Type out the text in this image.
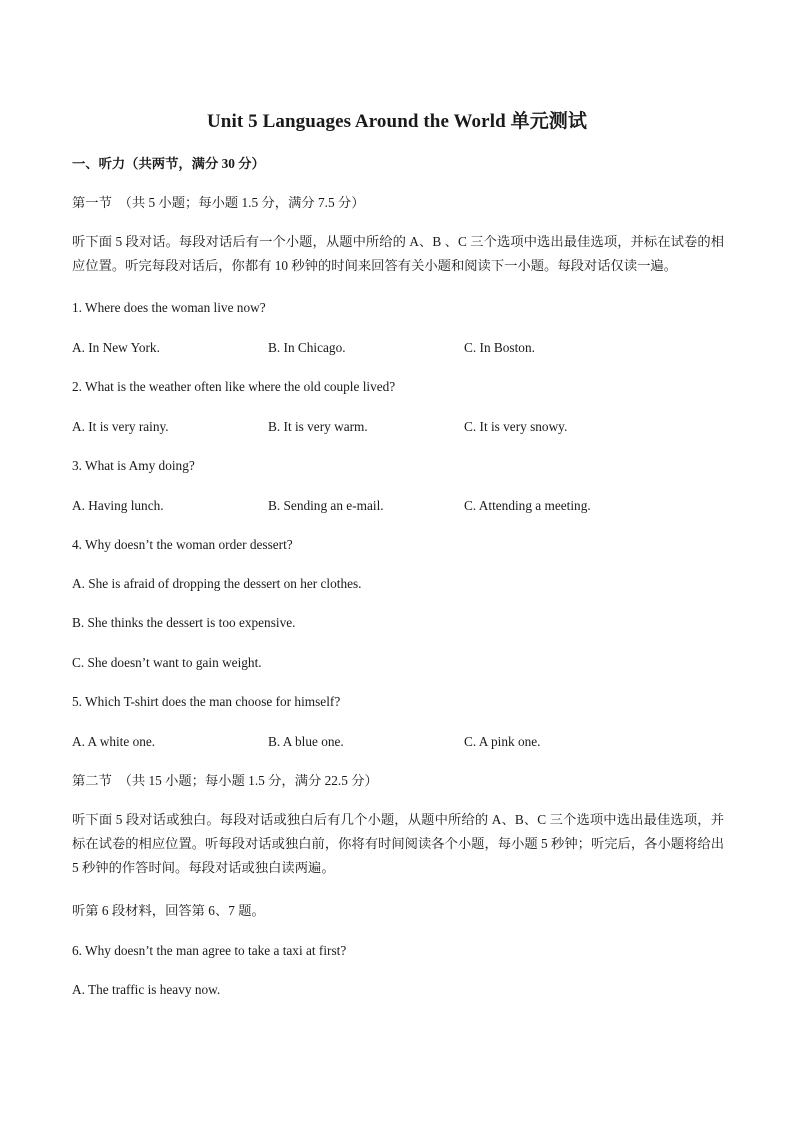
Unit 5 Languages Around the World 单元测试
一、听力（共两节，满分 30 分）
第一节　（共 5 小题；每小题 1.5 分，满分 7.5 分）
听下面 5 段对话。每段对话后有一个小题，从题中所给的 A、B 、C 三个选项中选出最佳选项，并标在试卷的相应位置。听完每段对话后，你都有 10 秒钟的时间来回答有关小题和阅读下一小题。每段对话仅读一遍。
1. Where does the woman live now?
A. In New York.	B. In Chicago.	C. In Boston.
2. What is the weather often like where the old couple lived?
A. It is very rainy.	B. It is very warm.	C. It is very snowy.
3. What is Amy doing?
A. Having lunch.	B. Sending an e-mail.	C. Attending a meeting.
4. Why doesn’t the woman order dessert?
A. She is afraid of dropping the dessert on her clothes.
B. She thinks the dessert is too expensive.
C. She doesn’t want to gain weight.
5. Which T-shirt does the man choose for himself?
A. A white one.	B. A blue one.	C. A pink one.
第二节　（共 15 小题；每小题 1.5 分，满分 22.5 分）
听下面 5 段对话或独白。每段对话或独白后有几个小题，从题中所给的 A、B、C 三个选项中选出最佳选项，并标在试卷的相应位置。听每段对话或独白前，你将有时间阅读各个小题，每小题 5 秒钟；听完后，各小题将给出 5 秒钟的作答时间。每段对话或独白读两遍。
听第 6 段材料，回答第 6、7 题。
6. Why doesn’t the man agree to take a taxi at first?
A. The traffic is heavy now.
